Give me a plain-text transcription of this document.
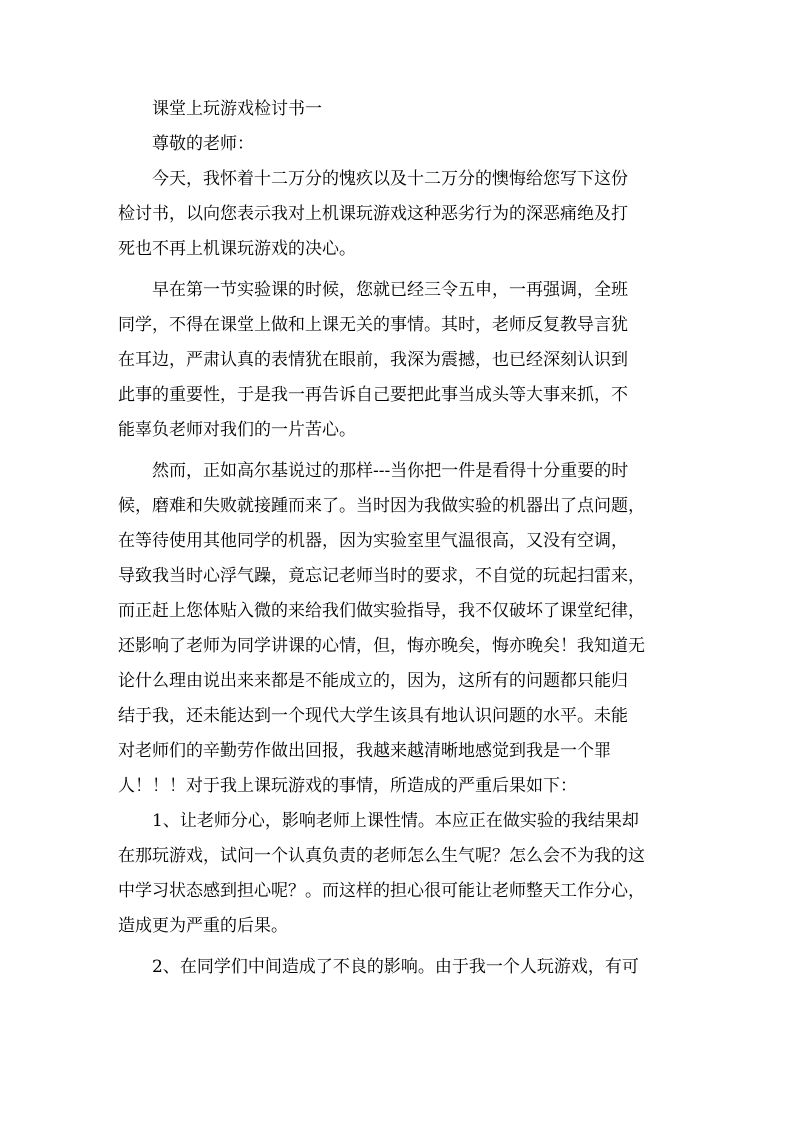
课堂上玩游戏检讨书一
尊敬的老师：
今天，我怀着十二万分的愧疚以及十二万分的懊悔给您写下这份
检讨书，以向您表示我对上机课玩游戏这种恶劣行为的深恶痛绝及打
死也不再上机课玩游戏的决心。
早在第一节实验课的时候，您就已经三令五申，一再强调，全班
同学，不得在课堂上做和上课无关的事情。其时，老师反复教导言犹
在耳边，严肃认真的表情犹在眼前，我深为震撼，也已经深刻认识到
此事的重要性，于是我一再告诉自己要把此事当成头等大事来抓，不
能辜负老师对我们的一片苦心。
然而，正如高尔基说过的那样---当你把一件是看得十分重要的时
候，磨难和失败就接踵而来了。当时因为我做实验的机器出了点问题，
在等待使用其他同学的机器，因为实验室里气温很高，又没有空调，
导致我当时心浮气躁，竟忘记老师当时的要求，不自觉的玩起扫雷来，
而正赶上您体贴入微的来给我们做实验指导，我不仅破坏了课堂纪律，
还影响了老师为同学讲课的心情，但，悔亦晚矣，悔亦晚矣！我知道无
论什么理由说出来来都是不能成立的，因为，这所有的问题都只能归
结于我，还未能达到一个现代大学生该具有地认识问题的水平。未能
对老师们的辛勤劳作做出回报，我越来越清晰地感觉到我是一个罪
人！！！对于我上课玩游戏的事情，所造成的严重后果如下：
1、让老师分心，影响老师上课性情。本应正在做实验的我结果却
在那玩游戏，试问一个认真负责的老师怎么生气呢？怎么会不为我的这
中学习状态感到担心呢？。而这样的担心很可能让老师整天工作分心，
造成更为严重的后果。
2、在同学们中间造成了不良的影响。由于我一个人玩游戏，有可
